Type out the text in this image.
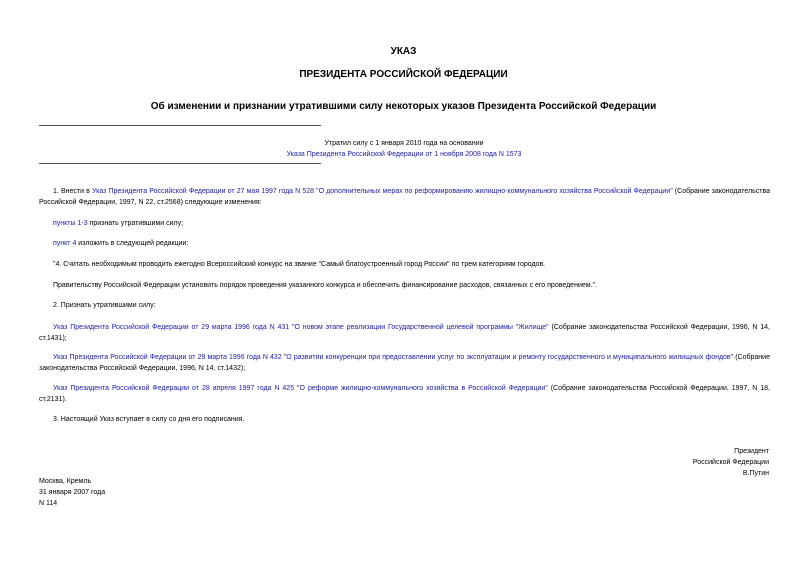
УКАЗ
ПРЕЗИДЕНТА РОССИЙСКОЙ ФЕДЕРАЦИИ
Об изменении и признании утратившими силу некоторых указов Президента Российской Федерации
Утратил силу с 1 января 2010 года на основании
Указа Президента Российской Федерации от 1 ноября 2008 года N 1573
1. Внести в Указ Президента Российской Федерации от 27 мая 1997 года N 528 "О дополнительных мерах по реформированию жилищно-коммунального хозяйства Российской Федерации" (Собрание законодательства Российской Федерации, 1997, N 22, ст.2568) следующие изменения:
пункты 1-3 признать утратившими силу;
пункт 4 изложить в следующей редакции:
"4. Считать необходимым проводить ежегодно Всероссийский конкурс на звание "Самый благоустроенный город России" по трем категориям городов.
Правительству Российской Федерации установить порядок проведения указанного конкурса и обеспечить финансирование расходов, связанных с его проведением.".
2. Признать утратившими силу:
Указ Президента Российской Федерации от 29 марта 1996 года N 431 "О новом этапе реализации Государственной целевой программы "Жилище" (Собрание законодательства Российской Федерации, 1996, N 14, ст.1431);
Указ Президента Российской Федерации от 29 марта 1996 года N 432 "О развитии конкуренции при предоставлении услуг по эксплуатации и ремонту государственного и муниципального жилищных фондов" (Собрание законодательства Российской Федерации, 1996, N 14, ст.1432);
Указ Президента Российской Федерации от 28 апреля 1997 года N 425 "О реформе жилищно-коммунального хозяйства в Российской Федерации" (Собрание законодательства Российской Федерации, 1997, N 18, ст.2131).
3. Настоящий Указ вступает в силу со дня его подписания.
Президент
Российской Федерации
В.Путин
Москва, Кремль
31 января 2007 года
N 114
